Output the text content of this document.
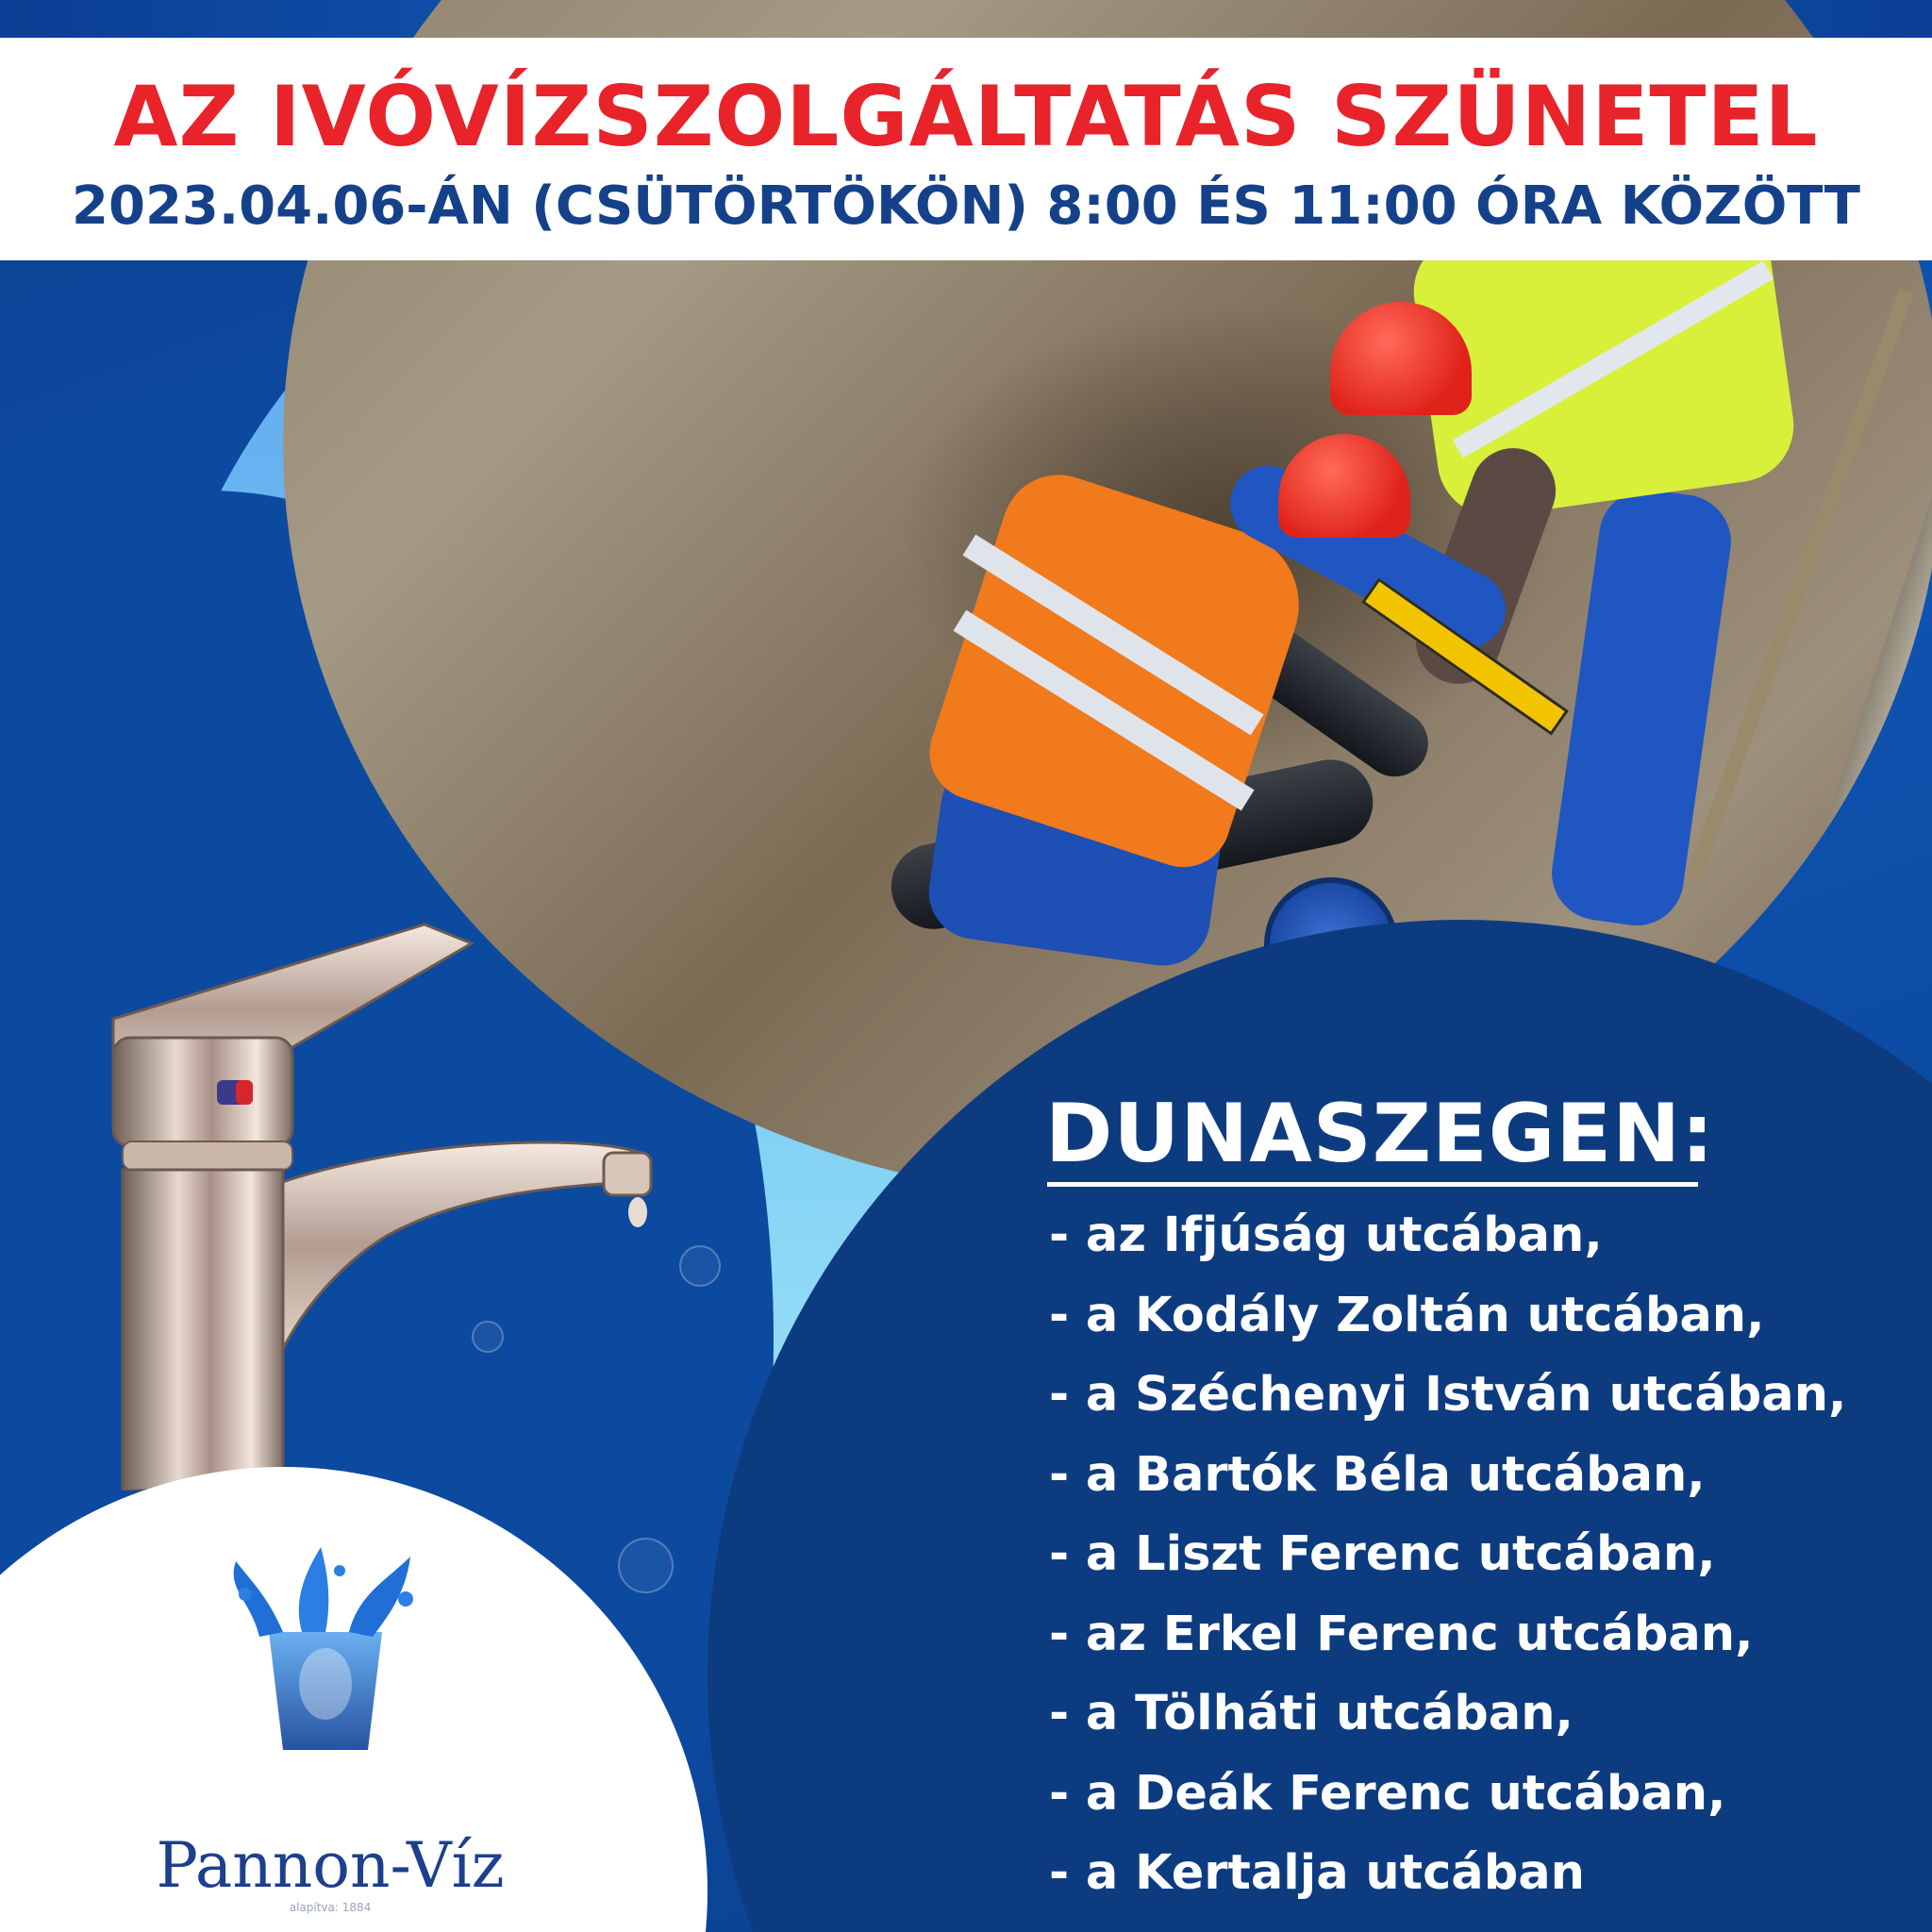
AZ IVÓVÍZSZOLGÁLTATÁS SZÜNETEL
2023.04.06-ÁN (CSÜTÖRTÖKÖN) 8:00 ÉS 11:00 ÓRA KÖZÖTT
DUNASZEGEN:
- az Ifjúság utcában,
- a Kodály Zoltán utcában,
- a Széchenyi István utcában,
- a Bartók Béla utcában,
- a Liszt Ferenc utcában,
- az Erkel Ferenc utcában,
- a Tölháti utcában,
- a Deák Ferenc utcában,
- a Kertalja utcában
Pannon-Víz
alapítva: 1884
